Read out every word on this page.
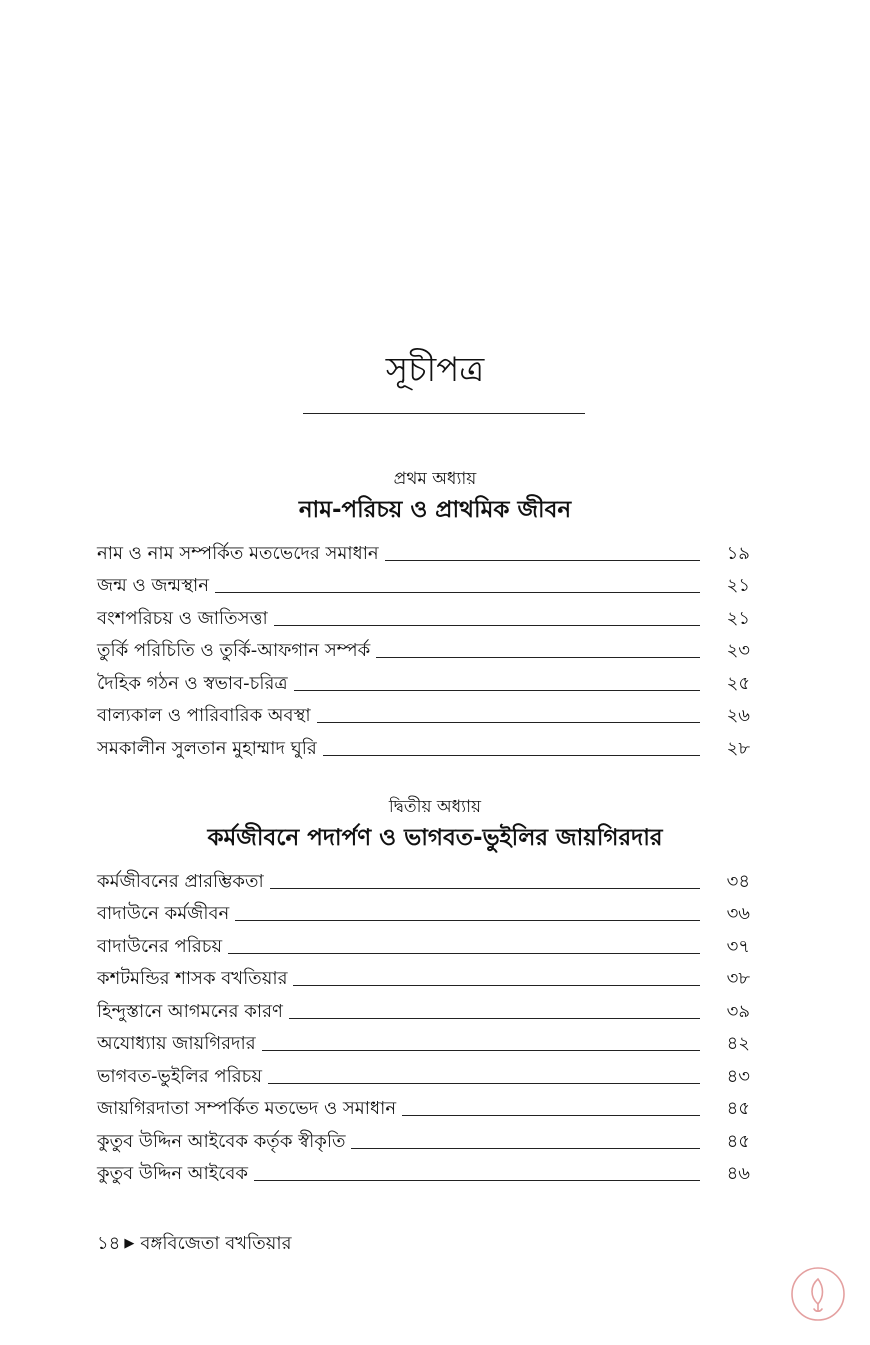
সূচীপত্র
প্রথম অধ্যায়
নাম-পরিচয় ও প্রাথমিক জীবন
নাম ও নাম সম্পর্কিত মতভেদের সমাধান	১৯
জন্ম ও জন্মস্থান	২১
বংশপরিচয় ও জাতিসত্তা	২১
তুর্কি পরিচিতি ও তুর্কি-আফগান সম্পর্ক	২৩
দৈহিক গঠন ও স্বভাব-চরিত্র	২৫
বাল্যকাল ও পারিবারিক অবস্থা	২৬
সমকালীন সুলতান মুহাম্মাদ ঘুরি	২৮
দ্বিতীয় অধ্যায়
কর্মজীবনে পদার্পণ ও ভাগবত-ভুইলির জায়গিরদার
কর্মজীবনের প্রারম্ভিকতা	৩৪
বাদাউনে কর্মজীবন	৩৬
বাদাউনের পরিচয়	৩৭
কশটমন্ডির শাসক বখতিয়ার	৩৮
হিন্দুস্তানে আগমনের কারণ	৩৯
অযোধ্যায় জায়গিরদার	৪২
ভাগবত-ভুইলির পরিচয়	৪৩
জায়গিরদাতা সম্পর্কিত মতভেদ ও সমাধান	৪৫
কুতুব উদ্দিন আইবেক কর্তৃক স্বীকৃতি	৪৫
কুতুব উদ্দিন আইবেক	৪৬
১৪ ▶ বঙ্গবিজেতা বখতিয়ার
